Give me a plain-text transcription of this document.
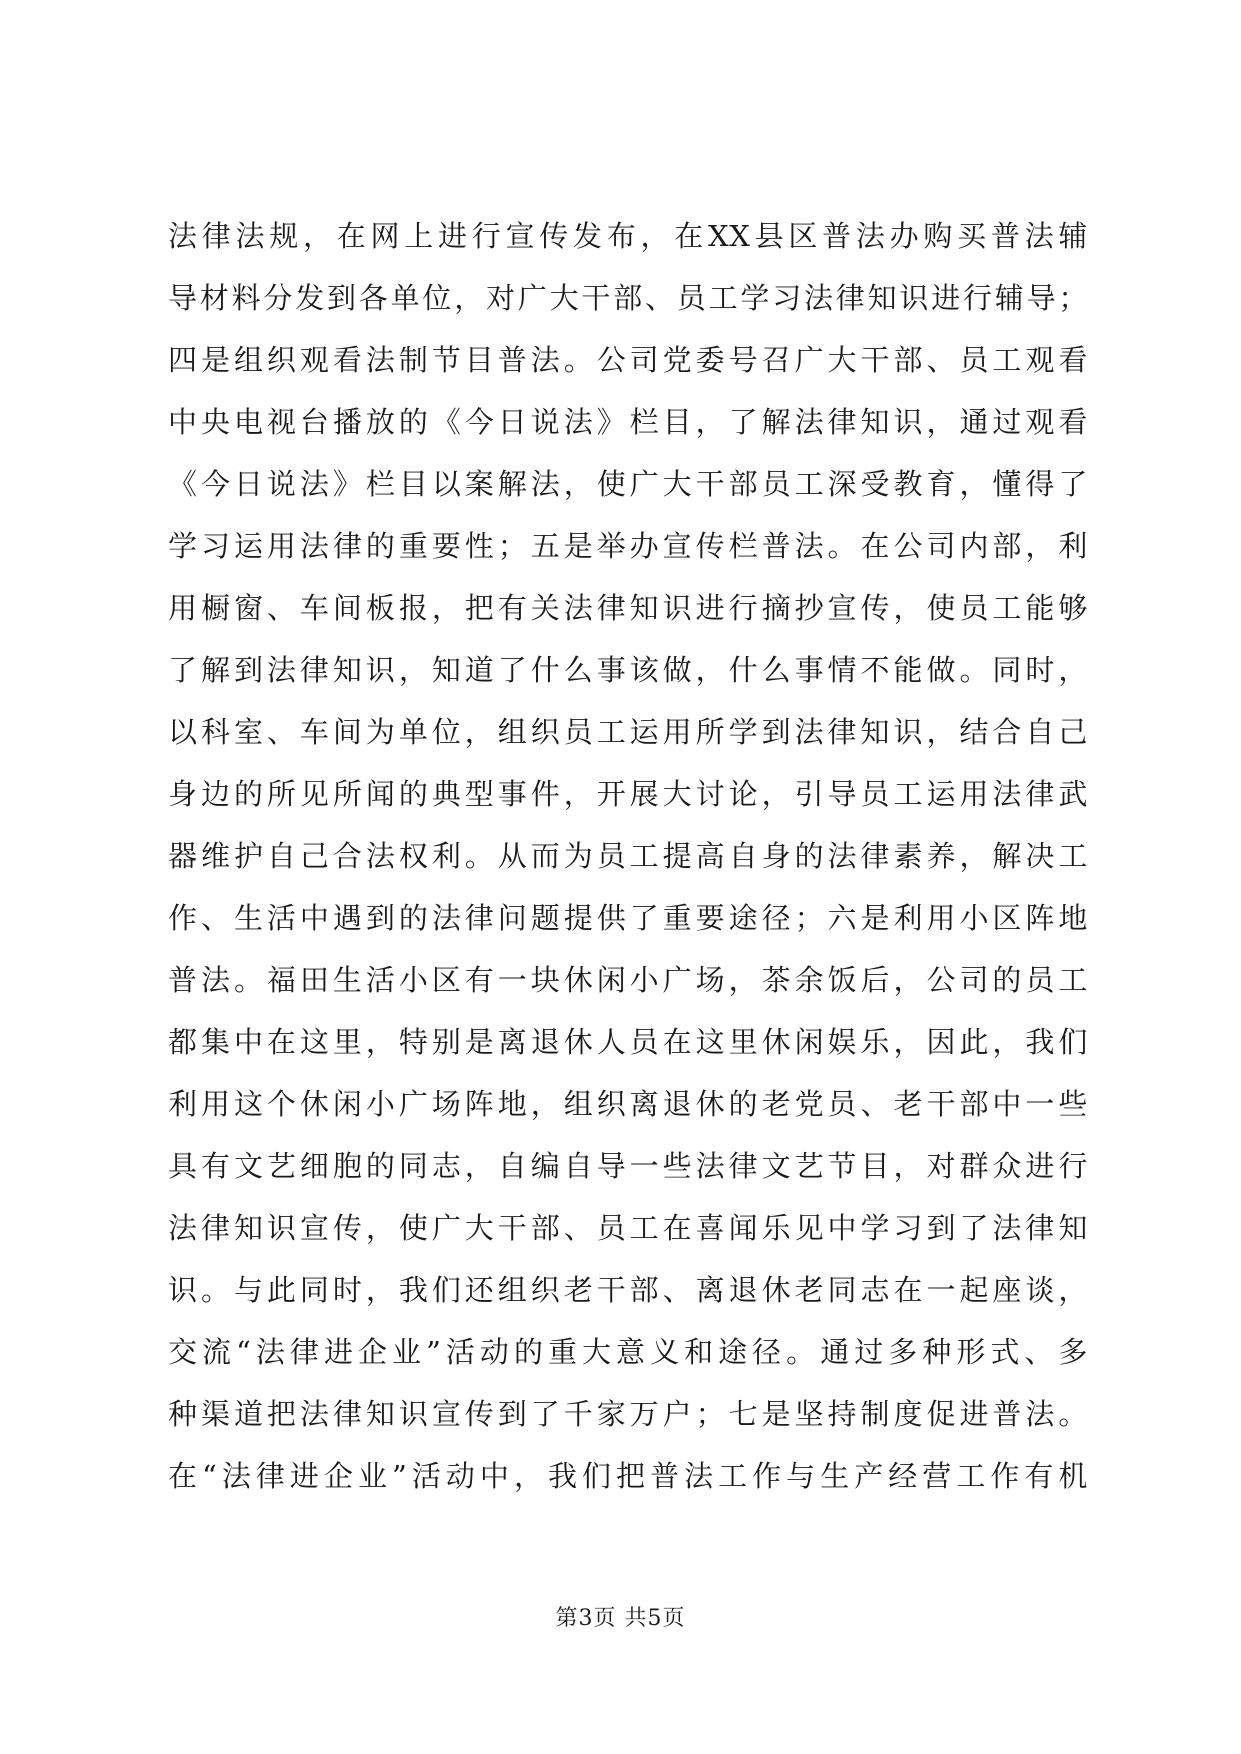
法律法规，在网上进行宣传发布，在XX县区普法办购买普法辅
导材料分发到各单位，对广大干部、员工学习法律知识进行辅导；
四是组织观看法制节目普法。公司党委号召广大干部、员工观看
中央电视台播放的《今日说法》栏目，了解法律知识，通过观看
《今日说法》栏目以案解法，使广大干部员工深受教育，懂得了
学习运用法律的重要性；五是举办宣传栏普法。在公司内部，利
用橱窗、车间板报，把有关法律知识进行摘抄宣传，使员工能够
了解到法律知识，知道了什么事该做，什么事情不能做。同时，
以科室、车间为单位，组织员工运用所学到法律知识，结合自己
身边的所见所闻的典型事件，开展大讨论，引导员工运用法律武
器维护自己合法权利。从而为员工提高自身的法律素养，解决工
作、生活中遇到的法律问题提供了重要途径；六是利用小区阵地
普法。福田生活小区有一块休闲小广场，茶余饭后，公司的员工
都集中在这里，特别是离退休人员在这里休闲娱乐，因此，我们
利用这个休闲小广场阵地，组织离退休的老党员、老干部中一些
具有文艺细胞的同志，自编自导一些法律文艺节目，对群众进行
法律知识宣传，使广大干部、员工在喜闻乐见中学习到了法律知
识。与此同时，我们还组织老干部、离退休老同志在一起座谈，
交流“法律进企业”活动的重大意义和途径。通过多种形式、多
种渠道把法律知识宣传到了千家万户；七是坚持制度促进普法。
在“法律进企业”活动中，我们把普法工作与生产经营工作有机
第3页 共5页
